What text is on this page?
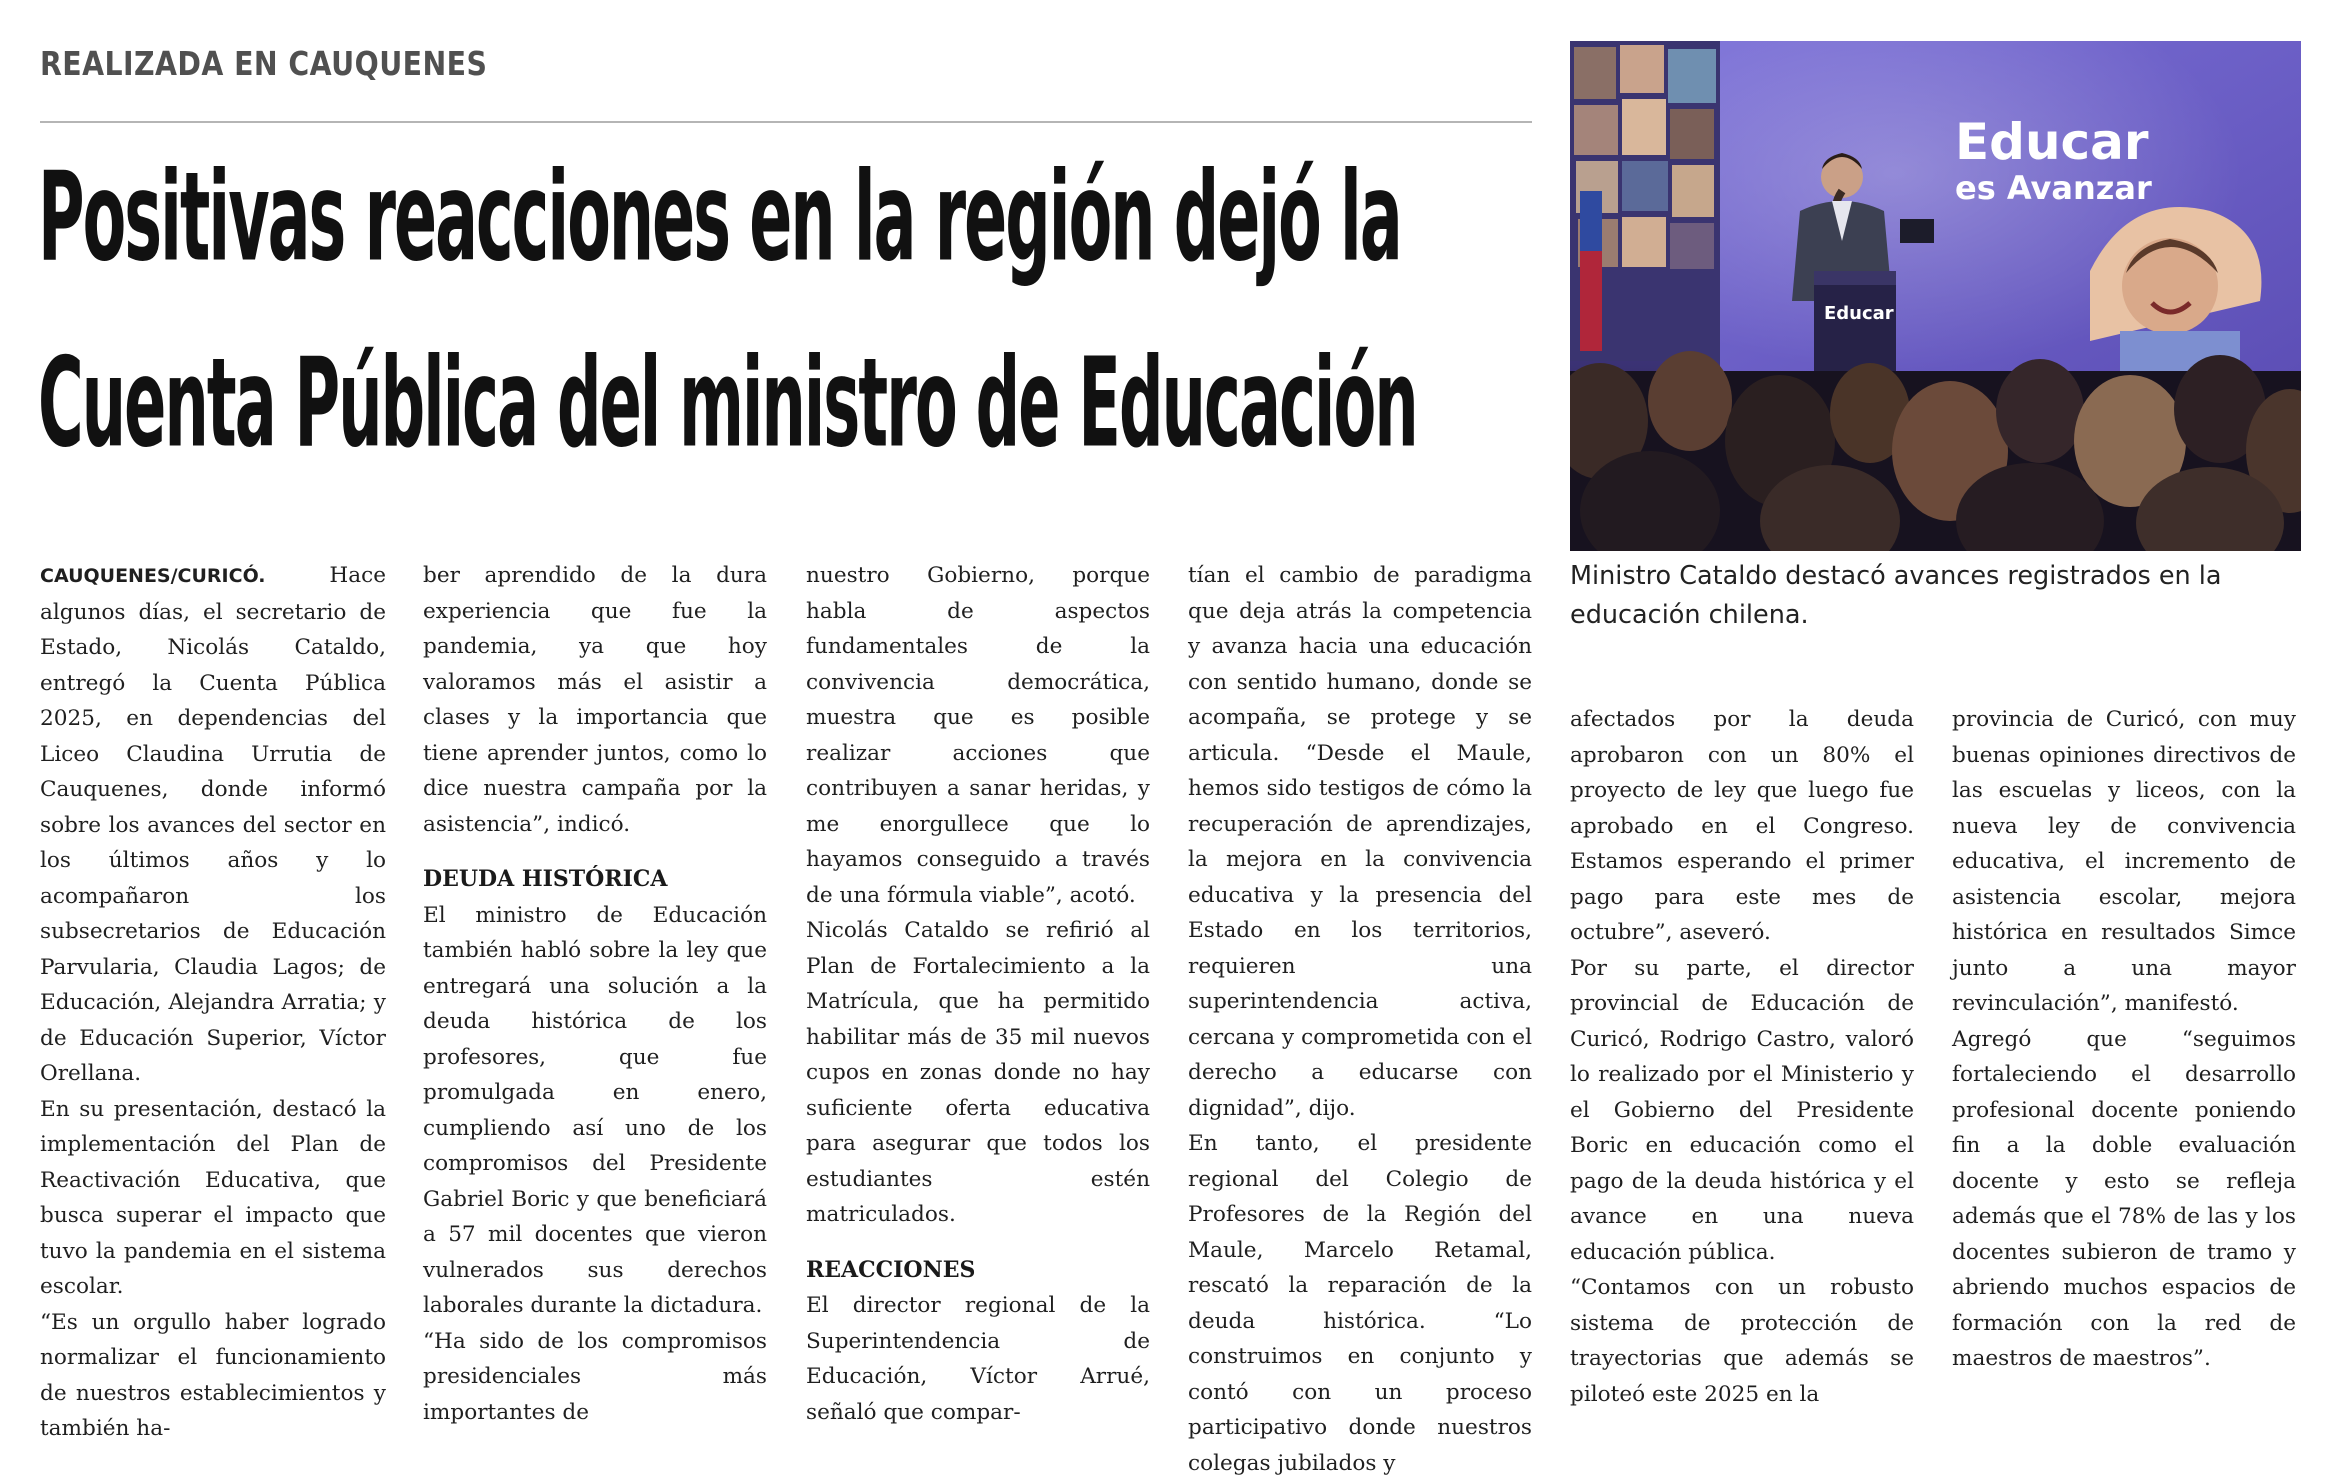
REALIZADA EN CAUQUENES
Positivas reacciones en la región dejó la
Cuenta Pública del ministro de Educación
Educar
es Avanzar
Educar
Ministro Cataldo destacó avances registrados en la educación chilena.

CAUQUENES/CURICÓ.	Hace algunos días, el secretario de Estado, Nicolás Cataldo, entregó la Cuenta Pública 2025, en dependencias del Liceo Claudina Urrutia de Cauquenes, donde informó sobre los avances del sector en los últimos años y lo acompañaron los subsecretarios de Educación Parvularia, Claudia Lagos; de Educación, Alejandra Arratia; y de Educación Superior, Víctor Orellana.

En su presentación, destacó la implementación del Plan de Reactivación Educativa, que busca superar el impacto que tuvo la pandemia en el sistema escolar.

“Es un orgullo haber logrado normalizar el funcionamiento de nuestros establecimientos y también ha-

ber aprendido de la dura experiencia que fue la pandemia, ya que hoy valoramos más el asistir a clases y la importancia que tiene aprender juntos, como lo dice nuestra campaña por la asistencia”, indicó.

DEUDA HISTÓRICA

El ministro de Educación también habló sobre la ley que entregará una solución a la deuda histórica de los profesores, que fue promulgada en enero, cumpliendo así uno de los compromisos del Presidente Gabriel Boric y que beneficiará a 57 mil docentes que vieron vulnerados sus derechos laborales durante la dictadura.

“Ha sido de los compromisos presidenciales más importantes de

nuestro Gobierno, porque habla de aspectos fundamentales de la convivencia democrática, muestra que es posible realizar acciones que contribuyen a sanar heridas, y me enorgullece que lo hayamos conseguido a través de una fórmula viable”, acotó.

Nicolás Cataldo se refirió al Plan de Fortalecimiento a la Matrícula, que ha permitido habilitar más de 35 mil nuevos cupos en zonas donde no hay suficiente oferta educativa para asegurar que todos los estudiantes estén matriculados.

REACCIONES

El director regional de la Superintendencia de Educación, Víctor Arrué, señaló que compar-

tían el cambio de paradigma que deja atrás la competencia y avanza hacia una educación con sentido humano, donde se acompaña, se protege y se articula. “Desde el Maule, hemos sido testigos de cómo la recuperación de aprendizajes, la mejora en la convivencia educativa y la presencia del Estado en los territorios, requieren una superintendencia activa, cercana y comprometida con el derecho a educarse con dignidad”, dijo.

En tanto, el presidente regional del Colegio de Profesores de la Región del Maule, Marcelo Retamal, rescató la reparación de la deuda histórica. “Lo construimos en conjunto y contó con un proceso participativo donde nuestros colegas jubilados y

afectados por la deuda aprobaron con un 80% el proyecto de ley que luego fue aprobado en el Congreso. Estamos esperando el primer pago para este mes de octubre”, aseveró.

Por su parte, el director provincial de Educación de Curicó, Rodrigo Castro, valoró lo realizado por el Ministerio y el Gobierno del Presidente Boric en educación como el pago de la deuda histórica y el avance en una nueva educación pública.

“Contamos con un robusto sistema de protección de trayectorias que además se piloteó este 2025 en la

provincia de Curicó, con muy buenas opiniones directivos de las escuelas y liceos, con la nueva ley de convivencia educativa, el incremento de asistencia escolar, mejora histórica en resultados Simce junto a una mayor revinculación”, manifestó.

Agregó que “seguimos fortaleciendo el desarrollo profesional docente poniendo fin a la doble evaluación docente y esto se refleja además que el 78% de las y los docentes subieron de tramo y abriendo muchos espacios de formación con la red de maestros de maestros”.
